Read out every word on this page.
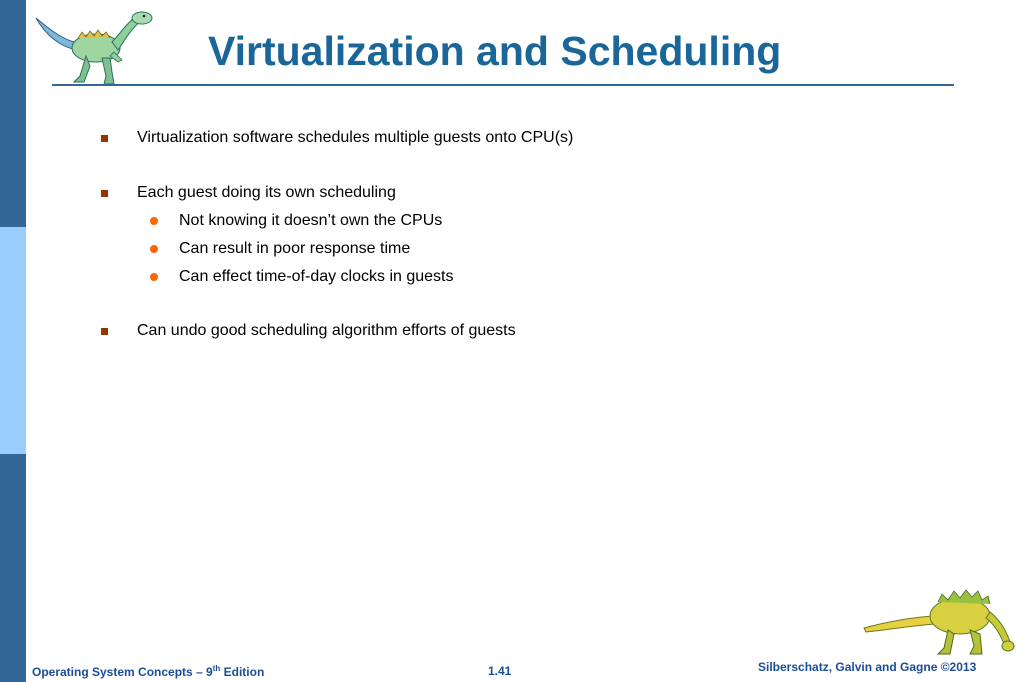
Virtualization and Scheduling
Virtualization software schedules multiple guests onto CPU(s)
Each guest doing its own scheduling
Not knowing it doesn’t own the CPUs
Can result in poor response time
Can effect time-of-day clocks in guests
Can undo good scheduling algorithm efforts of guests
Operating System Concepts – 9th Edition	1.41	Silberschatz, Galvin and Gagne ©2013
